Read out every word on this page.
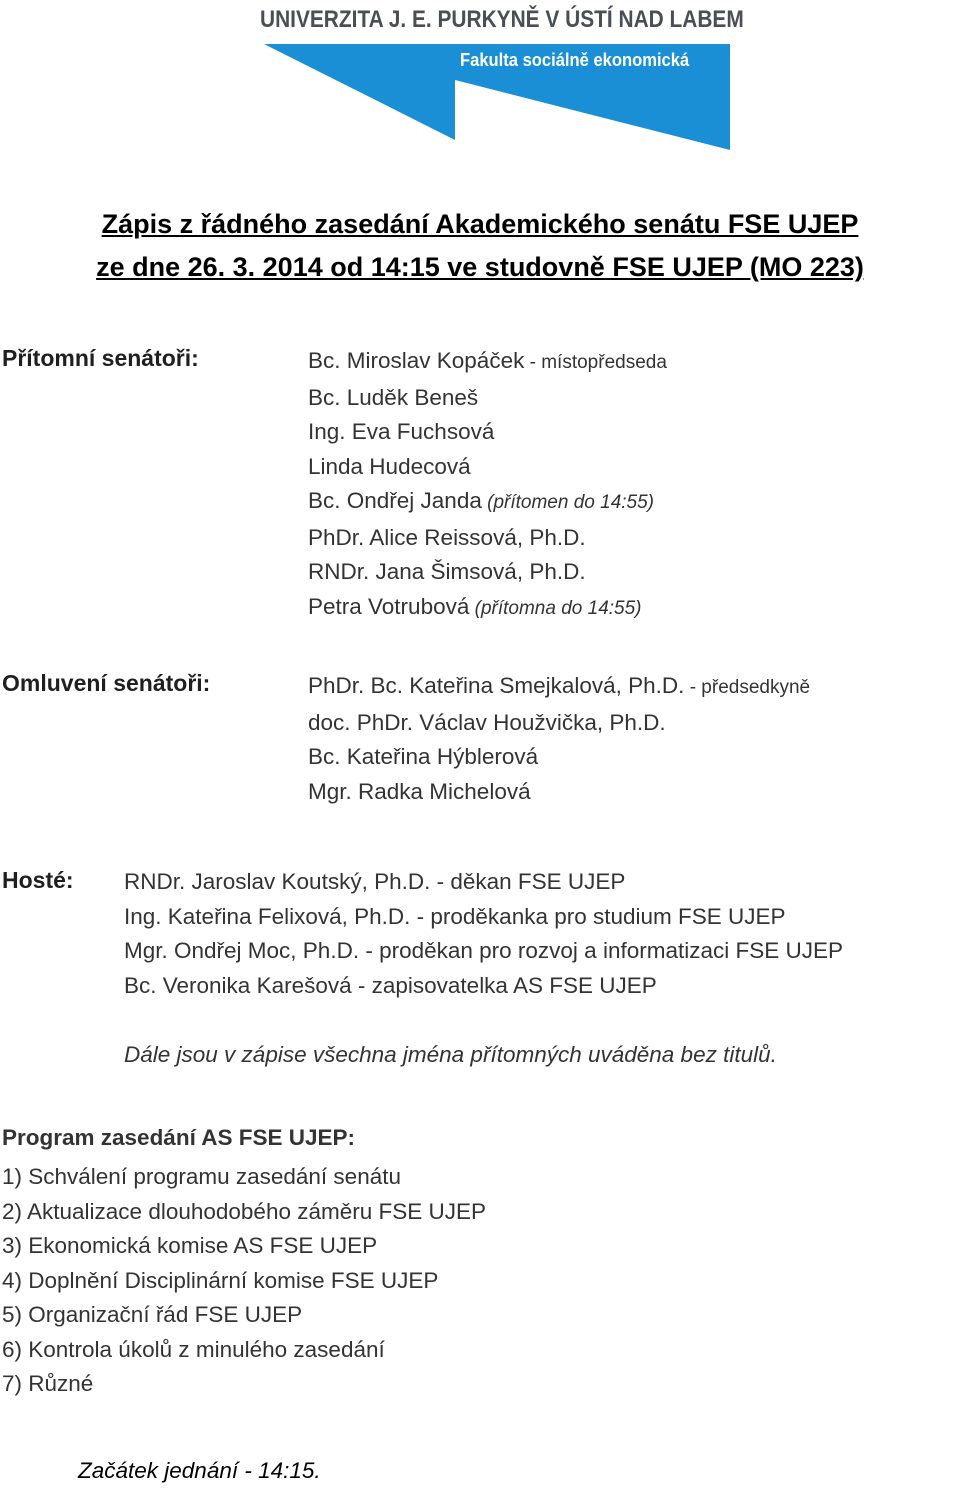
UNIVERZITA J. E. PURKYNĚ V ÚSTÍ NAD LABEM
Fakulta sociálně ekonomická
Zápis z řádného zasedání Akademického senátu FSE UJEP
ze dne 26. 3. 2014 od 14:15 ve studovně FSE UJEP (MO 223)
Přítomní senátoři:	Bc. Miroslav Kopáček - místopředseda
Bc. Luděk Beneš
Ing. Eva Fuchsová
Linda Hudecová
Bc. Ondřej Janda (přítomen do 14:55)
PhDr. Alice Reissová, Ph.D.
RNDr. Jana Šimsová, Ph.D.
Petra Votrubová (přítomna do 14:55)
Omluvení senátoři:	PhDr. Bc. Kateřina Smejkalová, Ph.D. - předsedkyně
doc. PhDr. Václav Houžvička, Ph.D.
Bc. Kateřina Hýblerová
Mgr. Radka Michelová
Hosté: RNDr. Jaroslav Koutský, Ph.D. - děkan FSE UJEP
Ing. Kateřina Felixová, Ph.D. - proděkanka pro studium FSE UJEP
Mgr. Ondřej Moc, Ph.D. - proděkan pro rozvoj a informatizaci FSE UJEP
Bc. Veronika Karešová - zapisovatelka AS FSE UJEP
Dále jsou v zápise všechna jména přítomných uváděna bez titulů.
Program zasedání AS FSE UJEP:
1) Schválení programu zasedání senátu
2) Aktualizace dlouhodobého záměru FSE UJEP
3) Ekonomická komise AS FSE UJEP
4) Doplnění Disciplinární komise FSE UJEP
5) Organizační řád FSE UJEP
6) Kontrola úkolů z minulého zasedání
7) Různé
Začátek jednání - 14:15.
